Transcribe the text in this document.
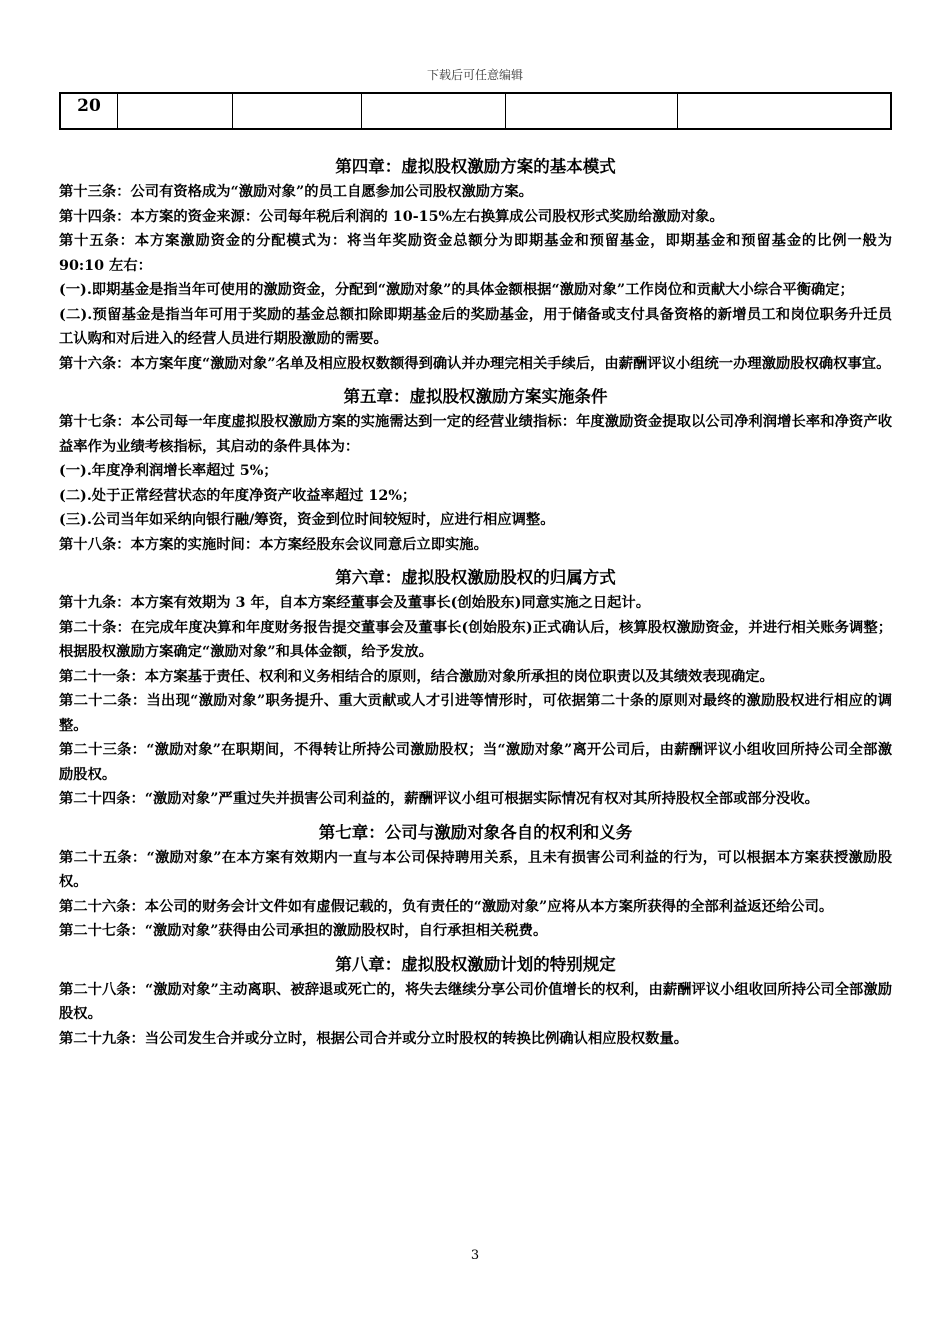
下载后可任意编辑
20
第四章：虚拟股权激励方案的基本模式
第十三条：公司有资格成为“激励对象”的员工自愿参加公司股权激励方案。
第十四条：本方案的资金来源：公司每年税后利润的 10-15%左右换算成公司股权形式奖励给激励对象。
第十五条：本方案激励资金的分配模式为：将当年奖励资金总额分为即期基金和预留基金，即期基金和预留基金的比例一般为 90:10 左右：
(一).即期基金是指当年可使用的激励资金，分配到“激励对象”的具体金额根据“激励对象”工作岗位和贡献大小综合平衡确定；
(二).预留基金是指当年可用于奖励的基金总额扣除即期基金后的奖励基金，用于储备或支付具备资格的新增员工和岗位职务升迁员工认购和对后进入的经营人员进行期股激励的需要。
第十六条：本方案年度“激励对象”名单及相应股权数额得到确认并办理完相关手续后，由薪酬评议小组统一办理激励股权确权事宜。
第五章：虚拟股权激励方案实施条件
第十七条：本公司每一年度虚拟股权激励方案的实施需达到一定的经营业绩指标：年度激励资金提取以公司净利润增长率和净资产收益率作为业绩考核指标，其启动的条件具体为：
(一).年度净利润增长率超过 5%；
(二).处于正常经营状态的年度净资产收益率超过 12%；
(三).公司当年如采纳向银行融/筹资，资金到位时间较短时，应进行相应调整。
第十八条：本方案的实施时间：本方案经股东会议同意后立即实施。
第六章：虚拟股权激励股权的归属方式
第十九条：本方案有效期为 3 年，自本方案经董事会及董事长(创始股东)同意实施之日起计。
第二十条：在完成年度决算和年度财务报告提交董事会及董事长(创始股东)正式确认后，核算股权激励资金，并进行相关账务调整；根据股权激励方案确定“激励对象”和具体金额，给予发放。
第二十一条：本方案基于责任、权利和义务相结合的原则，结合激励对象所承担的岗位职责以及其绩效表现确定。
第二十二条：当出现“激励对象”职务提升、重大贡献或人才引进等情形时，可依据第二十条的原则对最终的激励股权进行相应的调整。
第二十三条：“激励对象”在职期间，不得转让所持公司激励股权；当“激励对象”离开公司后，由薪酬评议小组收回所持公司全部激励股权。
第二十四条：“激励对象”严重过失并损害公司利益的，薪酬评议小组可根据实际情况有权对其所持股权全部或部分没收。
第七章：公司与激励对象各自的权利和义务
第二十五条：“激励对象”在本方案有效期内一直与本公司保持聘用关系，且未有损害公司利益的行为，可以根据本方案获授激励股权。
第二十六条：本公司的财务会计文件如有虚假记载的，负有责任的“激励对象”应将从本方案所获得的全部利益返还给公司。
第二十七条：“激励对象”获得由公司承担的激励股权时，自行承担相关税费。
第八章：虚拟股权激励计划的特别规定
第二十八条：“激励对象”主动离职、被辞退或死亡的，将失去继续分享公司价值增长的权利，由薪酬评议小组收回所持公司全部激励股权。
第二十九条：当公司发生合并或分立时，根据公司合并或分立时股权的转换比例确认相应股权数量。
3
